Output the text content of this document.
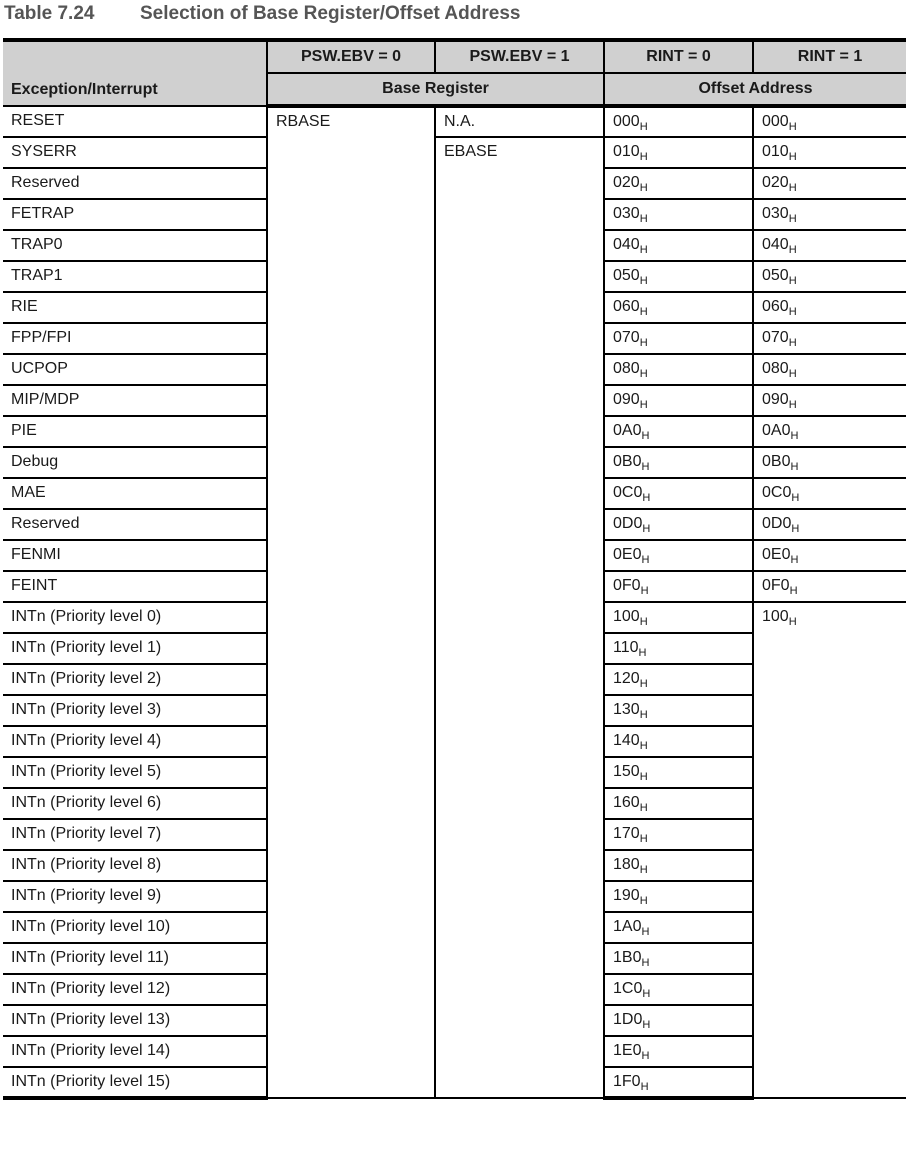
Table 7.24 Selection of Base Register/Offset Address
Exception/Interrupt	PSW.EBV = 0	PSW.EBV = 1	RINT = 0	RINT = 1
	Base Register		Offset Address	
RESET	RBASE	N.A.	$000_H$	$000_H$
SYSERR		EBASE	$010_H$	$010_H$
Reserved			$020_H$	$020_H$
FETRAP			$030_H$	$030_H$
TRAP0			$040_H$	$040_H$
TRAP1			$050_H$	$050_H$
RIE			$060_H$	$060_H$
FPP/FPI			$070_H$	$070_H$
UCPOP			$080_H$	$080_H$
MIP/MDP			$090_H$	$090_H$
PIE			$0A0_H$	$0A0_H$
Debug			$0B0_H$	$0B0_H$
MAE			$0C0_H$	$0C0_H$
Reserved			$0D0_H$	$0D0_H$
FENMI			$0E0_H$	$0E0_H$
FEINT			$0F0_H$	$0F0_H$
INTn (Priority level 0)			$100_H$	$100_H$
INTn (Priority level 1)			$110_H$
INTn (Priority level 2)			$120_H$
INTn (Priority level 3)			$130_H$
INTn (Priority level 4)			$140_H$
INTn (Priority level 5)			$150_H$
INTn (Priority level 6)			$160_H$
INTn (Priority level 7)			$170_H$
INTn (Priority level 8)			$180_H$
INTn (Priority level 9)			$190_H$
INTn (Priority level 10)			$1A0_H$
INTn (Priority level 11)			$1B0_H$
INTn (Priority level 12)			$1C0_H$
INTn (Priority level 13)			$1D0_H$
INTn (Priority level 14)			$1E0_H$
INTn (Priority level 15)			$1F0_H$
